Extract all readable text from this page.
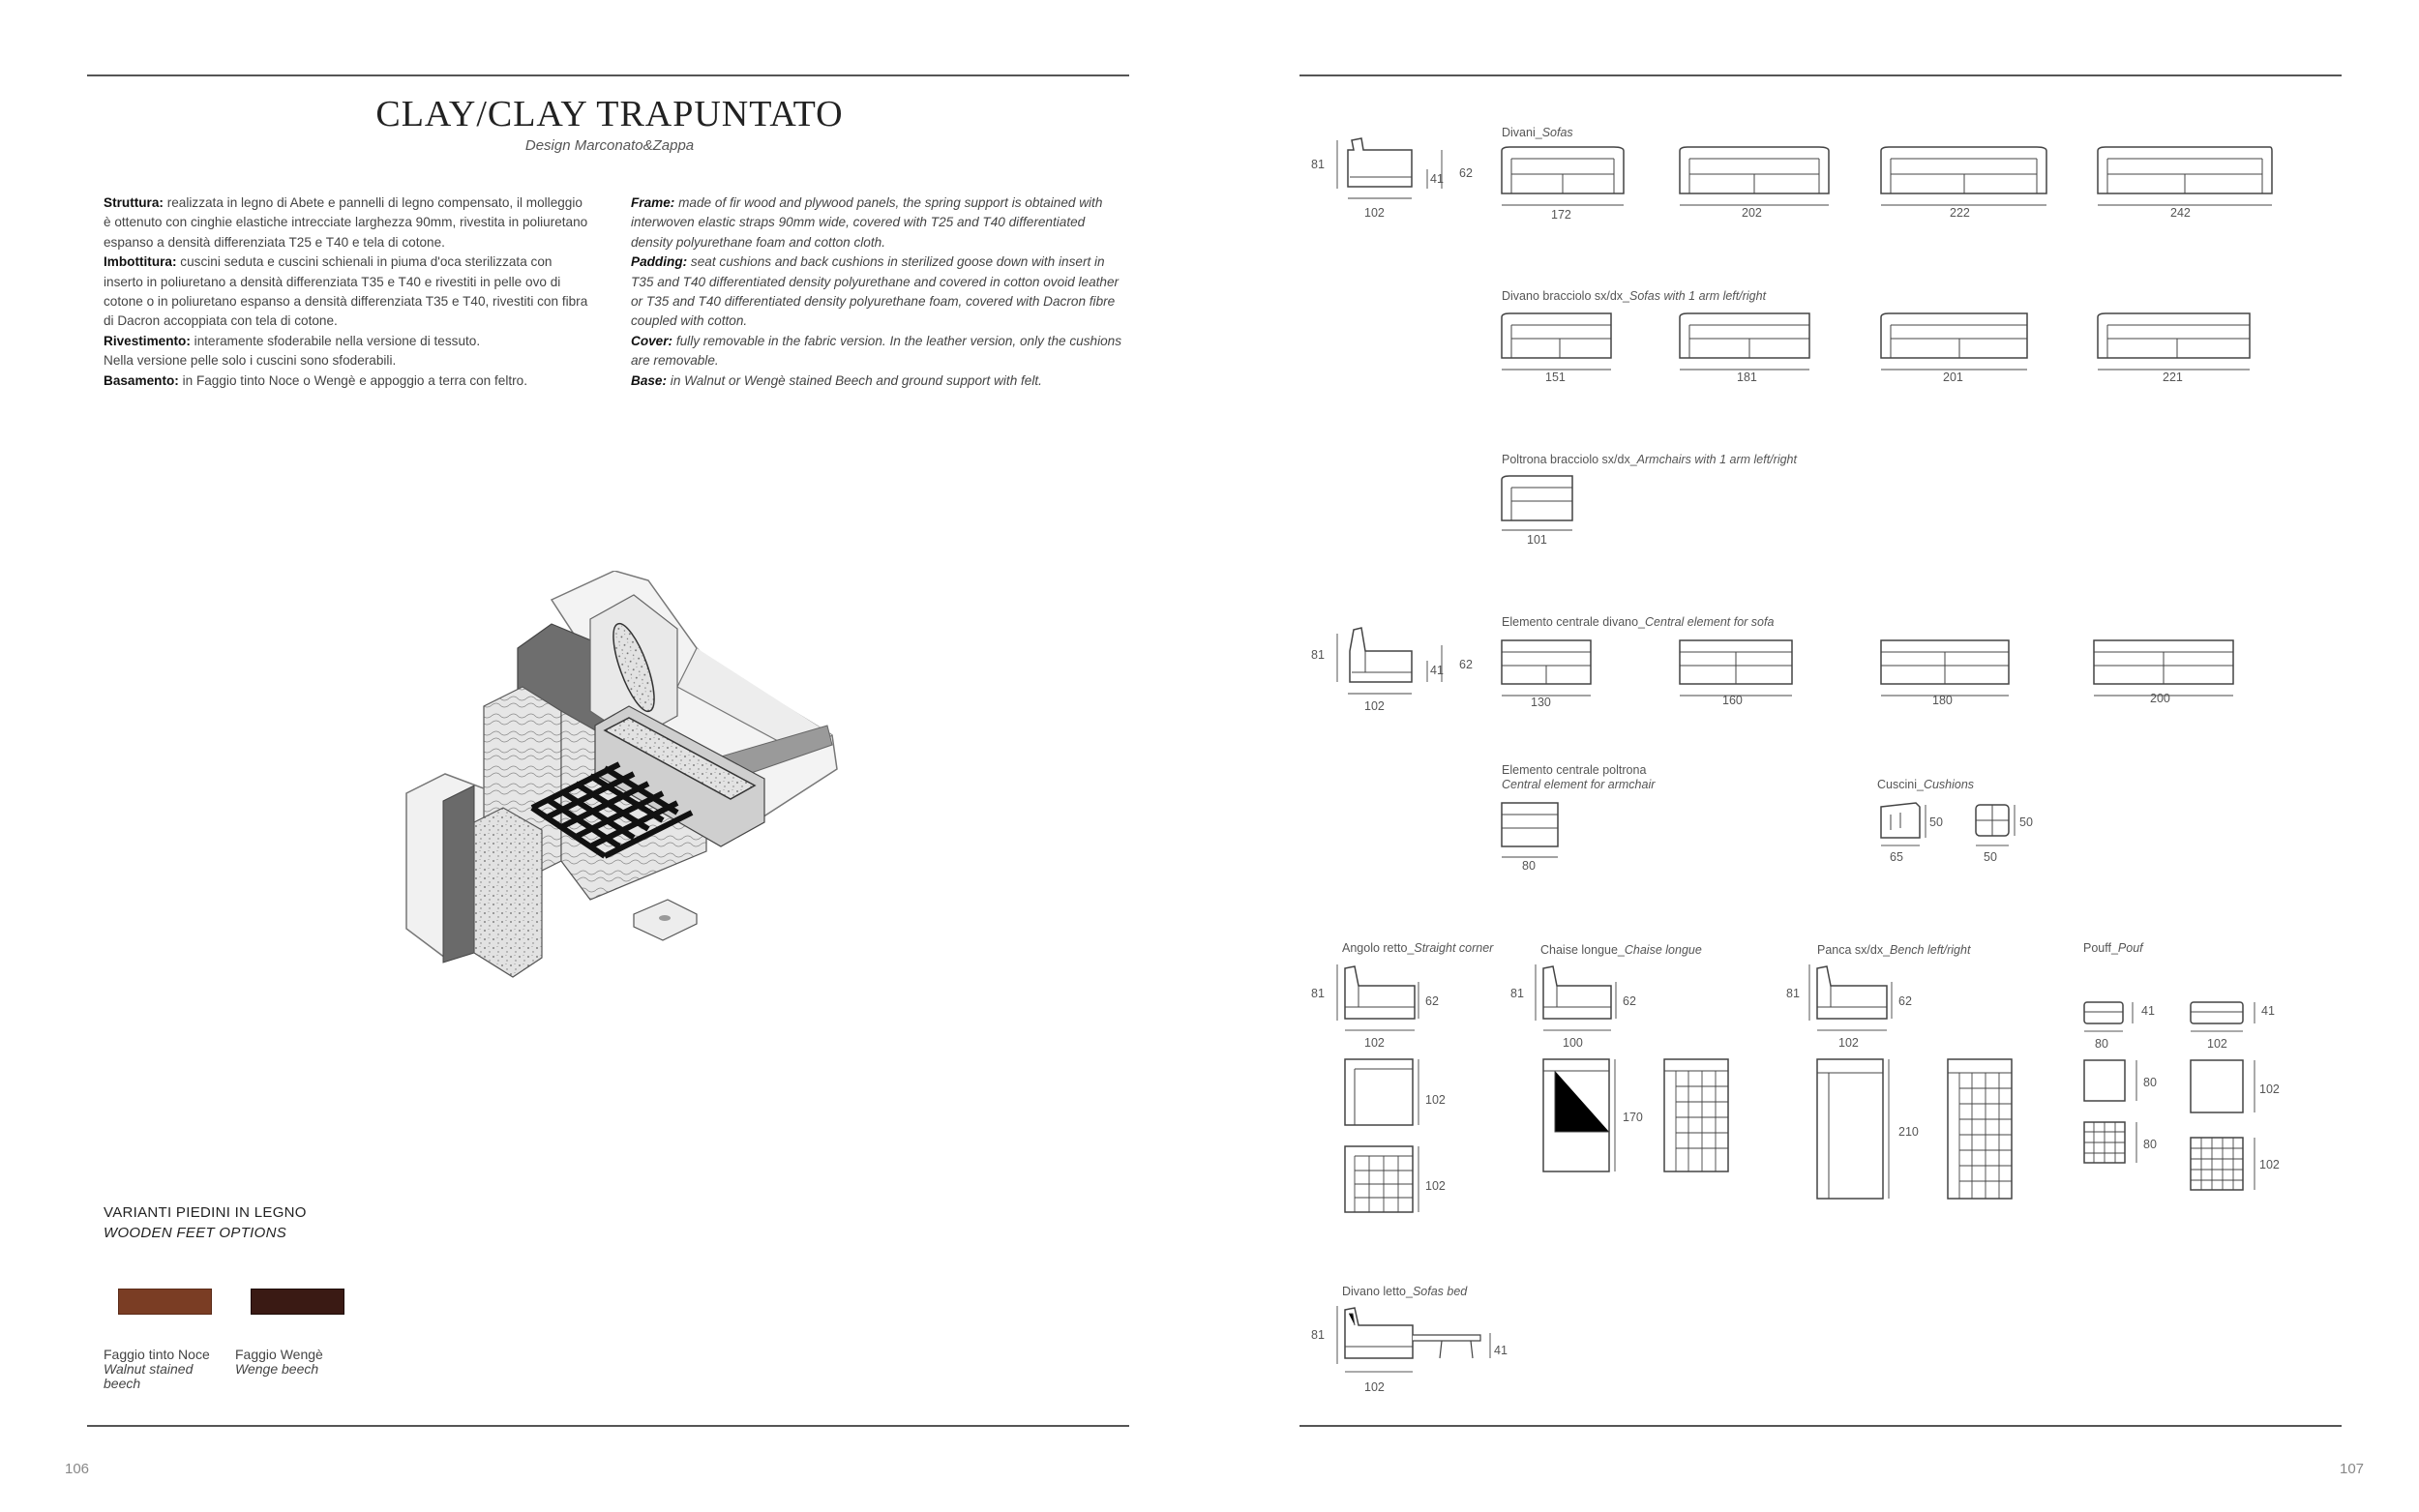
CLAY/CLAY TRAPUNTATO
Design Marconato&Zappa

Struttura: realizzata in legno di Abete e pannelli di legno compensato, il molleggio è ottenuto con cinghie elastiche intrecciate larghezza 90mm, rivestita in poliuretano espanso a densità differenziata T25 e T40 e tela di cotone.

Imbottitura: cuscini seduta e cuscini schienali in piuma d'oca sterilizzata con inserto in poliuretano a densità differenziata T35 e T40 e rivestiti in pelle ovo di cotone o in poliuretano espanso a densità differenziata T35 e T40, rivestiti con fibra di Dacron accoppiata con tela di cotone.

Rivestimento: interamente sfoderabile nella versione di tessuto.

Nella versione pelle solo i cuscini sono sfoderabili.

Basamento: in Faggio tinto Noce o Wengè e appoggio a terra con feltro.

Frame: made of fir wood and plywood panels, the spring support is obtained with interwoven elastic straps 90mm wide, covered with T25 and T40 differentiated density polyurethane foam and cotton cloth.

Padding: seat cushions and back cushions in sterilized goose down with insert in T35 and T40 differentiated density polyurethane and covered in cotton ovoid leather or T35 and T40 differentiated density polyurethane foam, covered with Dacron fibre coupled with cotton.

Cover: fully removable in the fabric version. In the leather version, only the cushions are removable.

Base: in Walnut or Wengè stained Beech and ground support with felt.

VARIANTI PIEDINI IN LEGNO
WOODEN FEET OPTIONS
Faggio tinto Noce
Walnut stained
beech
Faggio Wengè
Wenge beech
106	107
81
41 62
102
Divani_Sofas
172	202	222	242
Divano bracciolo sx/dx_Sofas with 1 arm left/right
151	181	201	221
Poltrona bracciolo sx/dx_Armchairs with 1 arm left/right
101
81
41 62
102
Elemento centrale divano_Central element for sofa
130	160	180	200
Elemento centrale poltrona
Central element for armchair
80
Cuscini_Cushions
65
50	50
50
Angolo retto_Straight corner
81
62
102
102
102
Chaise longue_Chaise longue
81
62
100
170
Panca sx/dx_Bench left/right
81
62
102
210
Pouff_Pouf
41	41
80	102
80	102
80
102
Divano letto_Sofas bed
81
41
102
